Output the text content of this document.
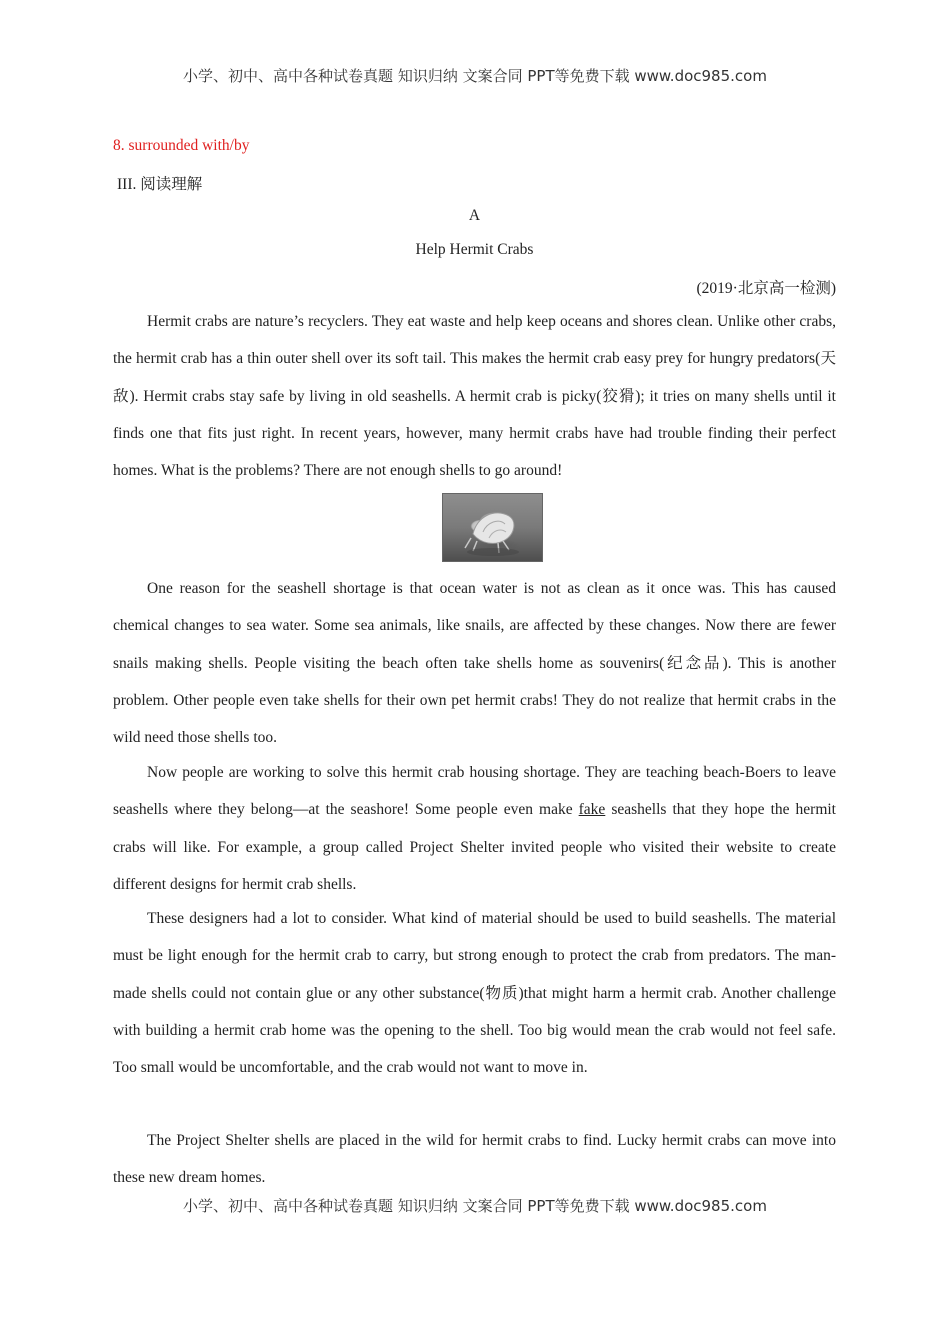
小学、初中、高中各种试卷真题 知识归纳 文案合同 PPT等免费下载 www.doc985.com
8. surrounded with/by
III. 阅读理解
A
Help Hermit Crabs
(2019·北京高一检测)

Hermit crabs are nature’s recyclers. They eat waste and help keep oceans and shores clean. Unlike other crabs, the hermit crab has a thin outer shell over its soft tail. This makes the hermit crab easy prey for hungry predators(天敌). Hermit crabs stay safe by living in old seashells. A hermit crab is picky(狡猾); it tries on many shells until it finds one that fits just right. In recent years, however, many hermit crabs have had trouble finding their perfect homes. What is the problems? There are not enough shells to go around!

One reason for the seashell shortage is that ocean water is not as clean as it once was. This has caused chemical changes to sea water. Some sea animals, like snails, are affected by these changes. Now there are fewer snails making shells. People visiting the beach often take shells home as souvenirs(纪念品). This is another problem. Other people even take shells for their own pet hermit crabs! They do not realize that hermit crabs in the wild need those shells too.

Now people are working to solve this hermit crab housing shortage. They are teaching beach-Boers to leave seashells where they belong—at the seashore! Some people even make fake seashells that they hope the hermit crabs will like. For example, a group called Project Shelter invited people who visited their website to create different designs for hermit crab shells.

These designers had a lot to consider. What kind of material should be used to build seashells. The material must be light enough for the hermit crab to carry, but strong enough to protect the crab from predators. The man-made shells could not contain glue or any other substance(物质)that might harm a hermit crab. Another challenge with building a hermit crab home was the opening to the shell. Too big would mean the crab would not feel safe. Too small would be uncomfortable, and the crab would not want to move in.

The Project Shelter shells are placed in the wild for hermit crabs to find. Lucky hermit crabs can move into these new dream homes.

小学、初中、高中各种试卷真题 知识归纳 文案合同 PPT等免费下载 www.doc985.com
